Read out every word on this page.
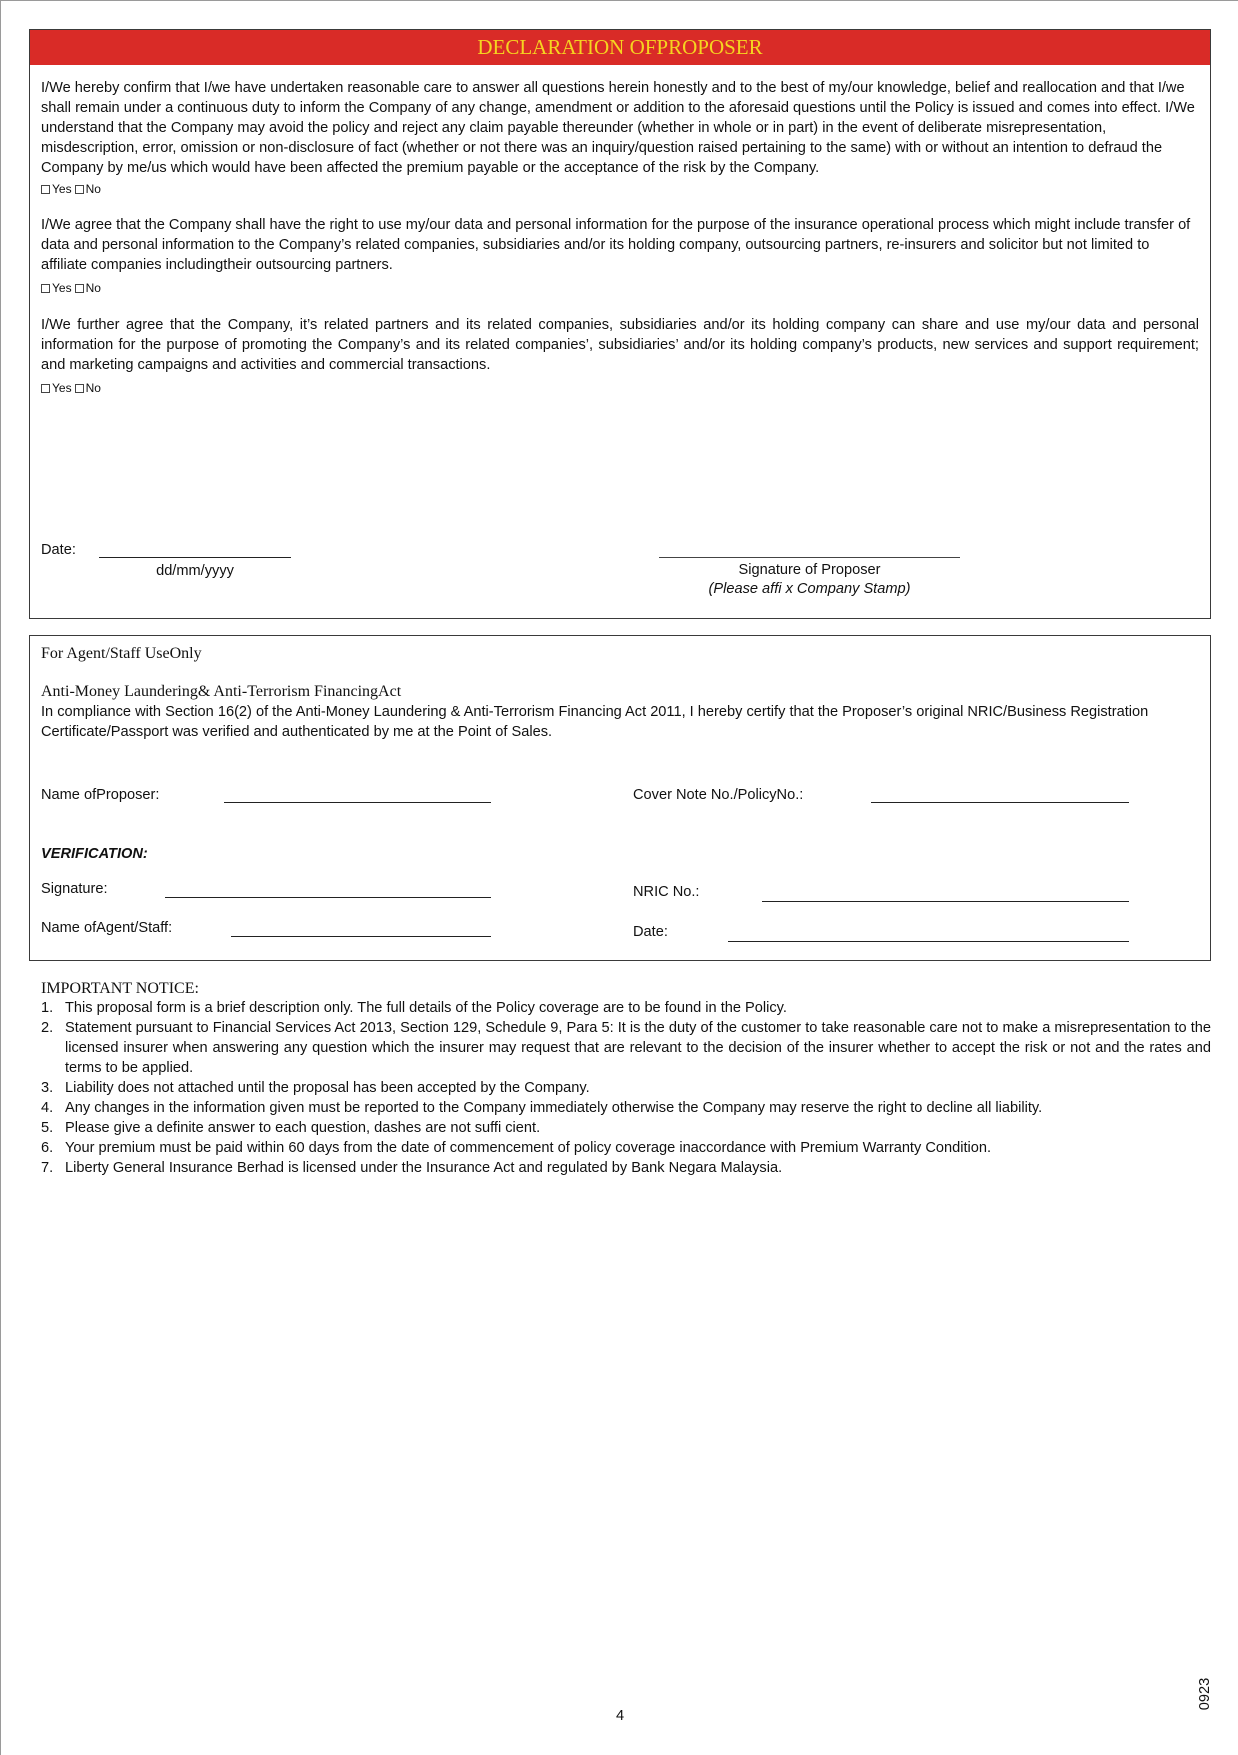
DECLARATION OFPROPOSER

I/We hereby confirm that I/we have undertaken reasonable care to answer all questions herein honestly and to the best of my/our knowledge, belief and reallocation and that I/we shall remain under a continuous duty to inform the Company of any change, amendment or addition to the aforesaid questions until the Policy is issued and comes into effect. I/We understand that the Company may avoid the policy and reject any claim payable thereunder (whether in whole or in part) in the event of deliberate misrepresentation, misdescription, error, omission or non-disclosure of fact (whether or not there was an inquiry/question raised pertaining to the same) with or without an intention to defraud the Company by me/us which would have been affected the premium payable or the acceptance of the risk by the Company.

Yes No

I/We agree that the Company shall have the right to use my/our data and personal information for the purpose of the insurance operational process which might include transfer of data and personal information to the Company’s related companies, subsidiaries and/or its holding company, outsourcing partners, re-insurers and solicitor but not limited to affiliate companies includingtheir outsourcing partners.

Yes No

I/We further agree that the Company, it’s related partners and its related companies, subsidiaries and/or its holding company can share and use my/our data and personal information for the purpose of promoting the Company’s and its related companies’, subsidiaries’ and/or its holding company’s products, new services and support requirement; and marketing campaigns and activities and commercial transactions.

Yes No
Date:
dd/mm/yyyy	Signature of Proposer
(Please affi x Company Stamp)
For Agent/Staff UseOnly
Anti-Money Laundering& Anti-Terrorism FinancingAct

In compliance with Section 16(2) of the Anti-Money Laundering & Anti-Terrorism Financing Act 2011, I hereby certify that the Proposer’s original NRIC/Business Registration Certificate/Passport was verified and authenticated by me at the Point of Sales.

Name ofProposer:	Cover Note No./PolicyNo.:
VERIFICATION:
Signature:	NRIC No.:
Name ofAgent/Staff:	Date:
IMPORTANT NOTICE:
1. This proposal form is a brief description only. The full details of the Policy coverage are to be found in the Policy.
2. Statement pursuant to Financial Services Act 2013, Section 129, Schedule 9, Para 5: It is the duty of the customer to take reasonable care not to make a misrepresentation to the licensed insurer when answering any question which the insurer may request that are relevant to the decision of the insurer whether to accept the risk or not and the rates and terms to be applied.
3. Liability does not attached until the proposal has been accepted by the Company.
4. Any changes in the information given must be reported to the Company immediately otherwise the Company may reserve the right to decline all liability.
5. Please give a definite answer to each question, dashes are not suffi cient.
6. Your premium must be paid within 60 days from the date of commencement of policy coverage inaccordance with Premium Warranty Condition.
7. Liberty General Insurance Berhad is licensed under the Insurance Act and regulated by Bank Negara Malaysia.
4
0923
